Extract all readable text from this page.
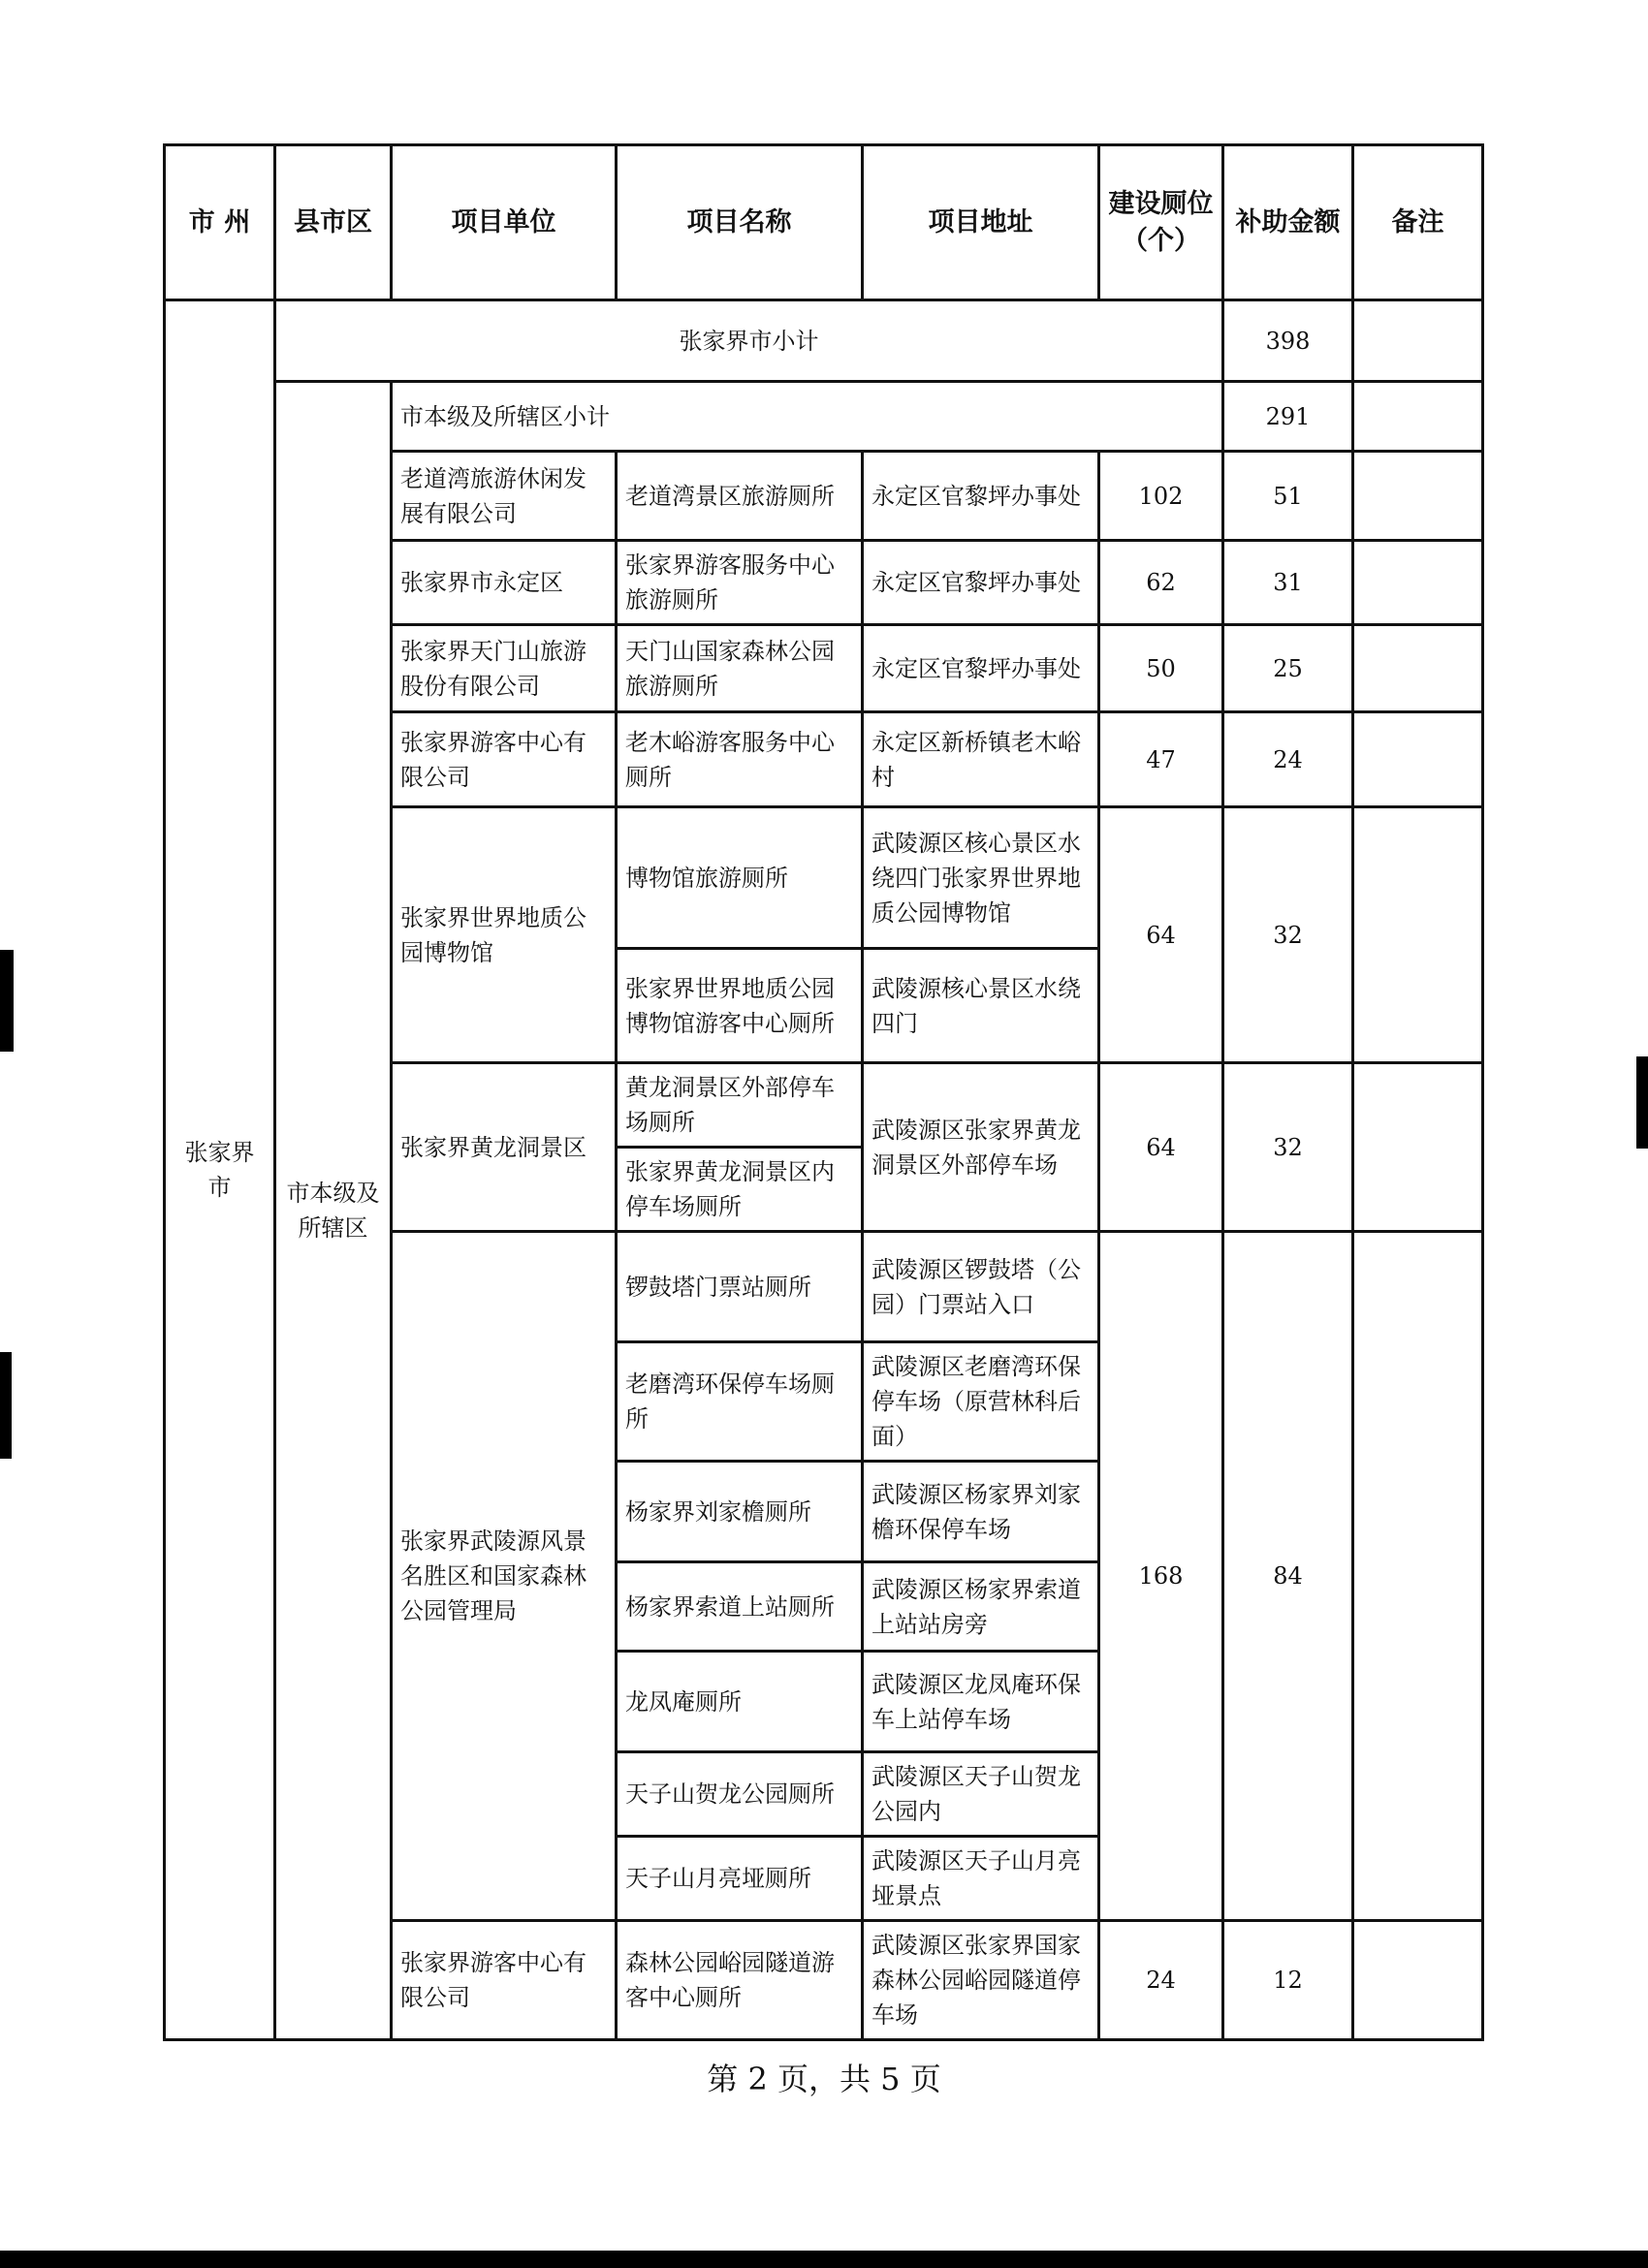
市 州	县市区	项目单位	项目名称	项目地址	建设厕位（个）	补助金额	备注
张家界市	张家界市小计					398	
	市本级及所辖区	市本级及所辖区小计				291	
		老道湾旅游休闲发展有限公司	老道湾景区旅游厕所	永定区官黎坪办事处	102	51	
		张家界市永定区	张家界游客服务中心旅游厕所	永定区官黎坪办事处	62	31	
		张家界天门山旅游股份有限公司	天门山国家森林公园旅游厕所	永定区官黎坪办事处	50	25	
		张家界游客中心有限公司	老木峪游客服务中心厕所	永定区新桥镇老木峪村	47	24	
		张家界世界地质公园博物馆	博物馆旅游厕所	武陵源区核心景区水绕四门张家界世界地质公园博物馆	64	32	
			张家界世界地质公园博物馆游客中心厕所	武陵源核心景区水绕四门			
		张家界黄龙洞景区	黄龙洞景区外部停车场厕所	武陵源区张家界黄龙洞景区外部停车场	64	32	
			张家界黄龙洞景区内停车场厕所				
		张家界武陵源风景名胜区和国家森林公园管理局	锣鼓塔门票站厕所	武陵源区锣鼓塔（公园）门票站入口	168	84	
			老磨湾环保停车场厕所	武陵源区老磨湾环保停车场（原营林科后面）			
			杨家界刘家檐厕所	武陵源区杨家界刘家檐环保停车场			
			杨家界索道上站厕所	武陵源区杨家界索道上站站房旁			
			龙凤庵厕所	武陵源区龙凤庵环保车上站停车场			
			天子山贺龙公园厕所	武陵源区天子山贺龙公园内			
			天子山月亮垭厕所	武陵源区天子山月亮垭景点			
		张家界游客中心有限公司	森林公园峪园隧道游客中心厕所	武陵源区张家界国家森林公园峪园隧道停车场	24	12	
第 2 页，共 5 页
